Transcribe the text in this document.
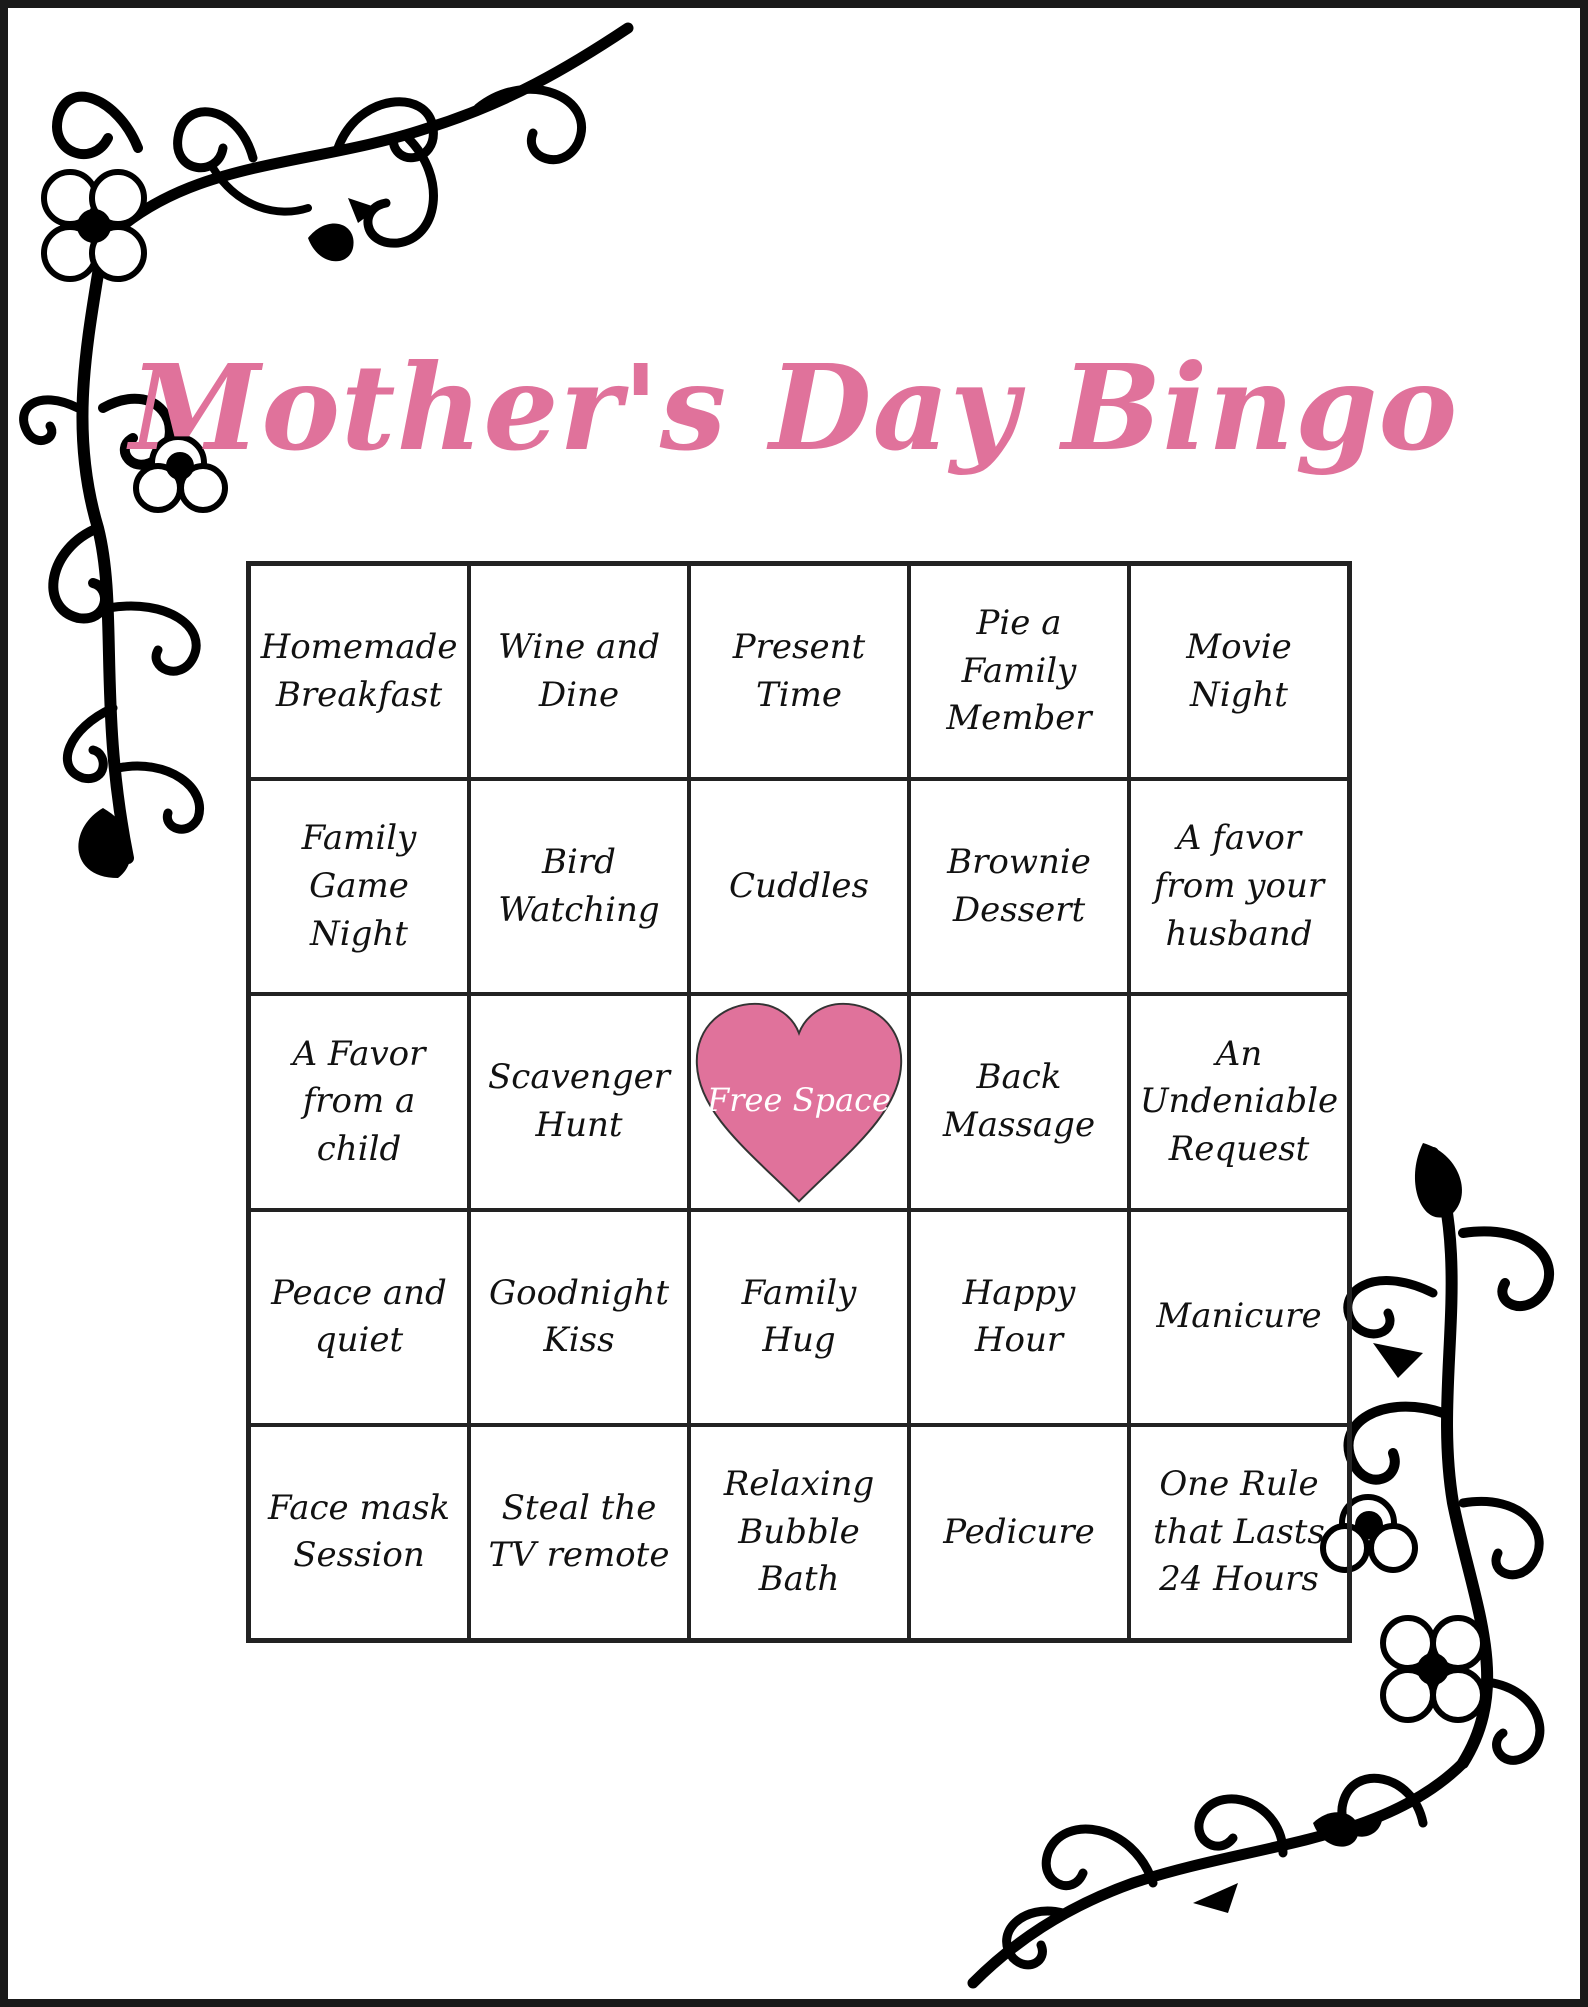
Mother's Day Bingo
Homemade Breakfast
Wine and Dine
Present Time
Pie a Family Member
Movie Night
Family Game Night
Bird Watching
Cuddles
Brownie Dessert
A favor from your husband
A Favor from a child
Scavenger Hunt
Free Space
Back Massage
An Undeniable Request
Peace and quiet
Goodnight Kiss
Family Hug
Happy Hour
Manicure
Face mask Session
Steal the TV remote
Relaxing Bubble Bath
Pedicure
One Rule that Lasts 24 Hours
